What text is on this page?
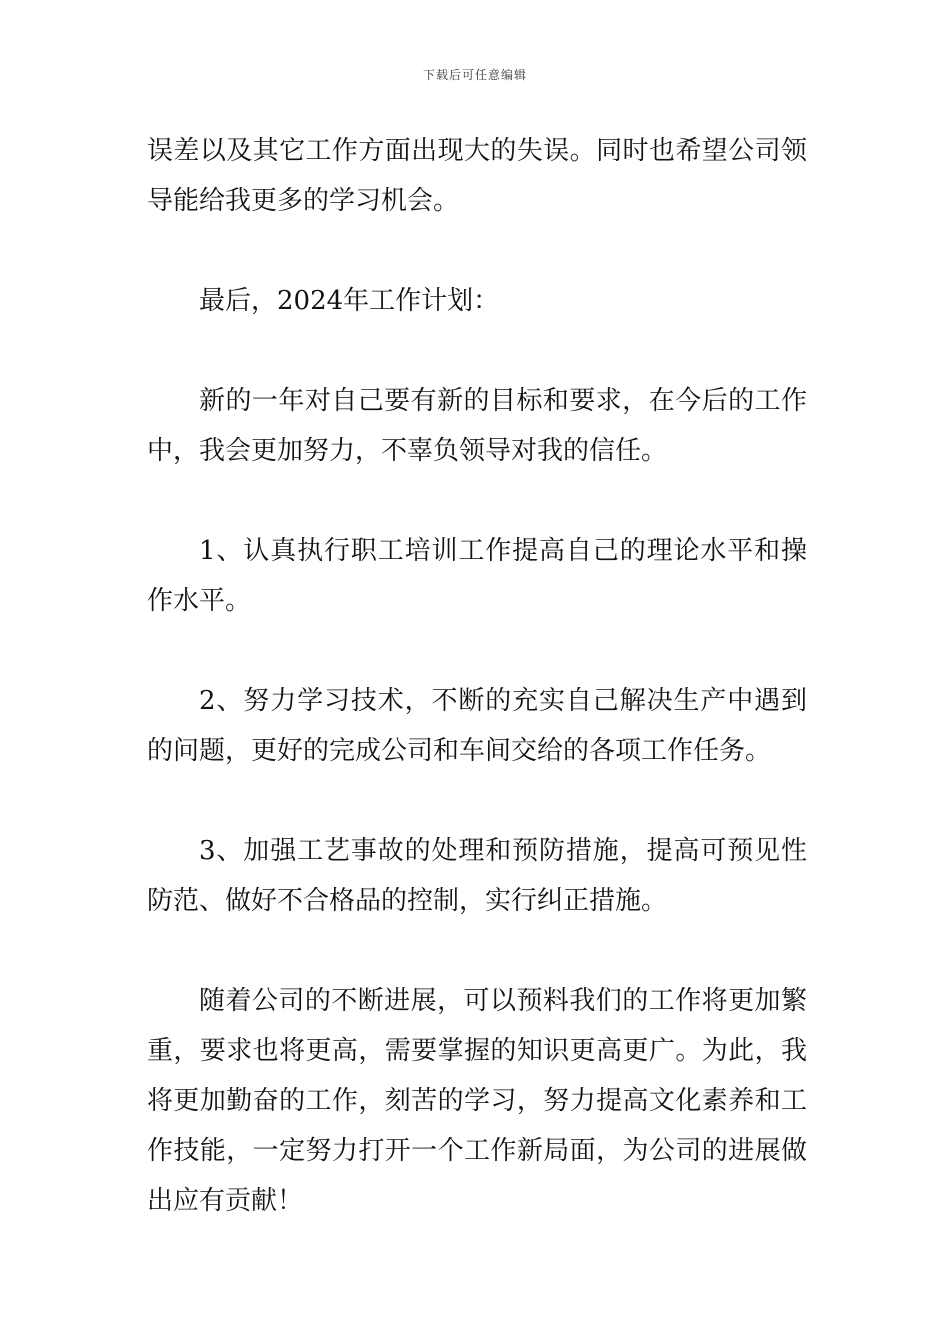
下载后可任意编辑

误差以及其它工作方面出现大的失误。同时也希望公司领导能给我更多的学习机会。

最后，2024年工作计划：

新的一年对自己要有新的目标和要求，在今后的工作中，我会更加努力，不辜负领导对我的信任。

1、认真执行职工培训工作提高自己的理论水平和操作水平。

2、努力学习技术，不断的充实自己解决生产中遇到的问题，更好的完成公司和车间交给的各项工作任务。

3、加强工艺事故的处理和预防措施，提高可预见性防范、做好不合格品的控制，实行纠正措施。

随着公司的不断进展，可以预料我们的工作将更加繁重，要求也将更高，需要掌握的知识更高更广。为此，我将更加勤奋的工作，刻苦的学习，努力提高文化素养和工作技能，一定努力打开一个工作新局面，为公司的进展做出应有贡献！
